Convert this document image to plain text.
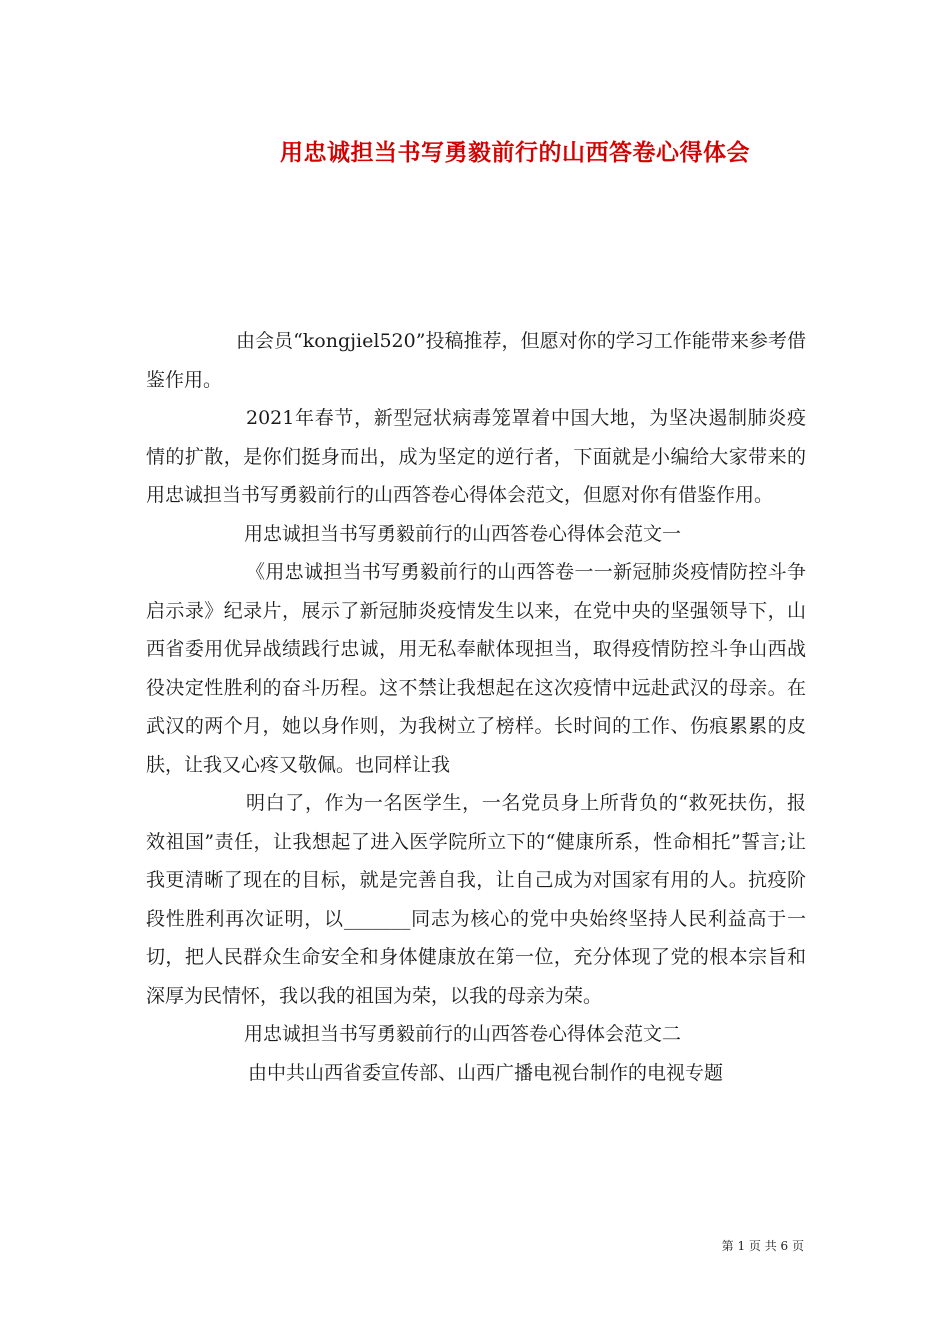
用忠诚担当书写勇毅前行的山西答卷心得体会

由会员“kongjiel520”投稿推荐，但愿对你的学习工作能带来参考借鉴作用。

2021年春节，新型冠状病毒笼罩着中国大地，为坚决遏制肺炎疫情的扩散，是你们挺身而出，成为坚定的逆行者，下面就是小编给大家带来的用忠诚担当书写勇毅前行的山西答卷心得体会范文，但愿对你有借鉴作用。

用忠诚担当书写勇毅前行的山西答卷心得体会范文一

《用忠诚担当书写勇毅前行的山西答卷一一新冠肺炎疫情防控斗争启示录》纪录片，展示了新冠肺炎疫情发生以来，在党中央的坚强领导下，山西省委用优异战绩践行忠诚，用无私奉献体现担当，取得疫情防控斗争山西战役决定性胜利的奋斗历程。这不禁让我想起在这次疫情中远赴武汉的母亲。在武汉的两个月，她以身作则，为我树立了榜样。长时间的工作、伤痕累累的皮肤，让我又心疼又敬佩。也同样让我

明白了，作为一名医学生，一名党员身上所背负的“救死扶伤，报效祖国”责任，让我想起了进入医学院所立下的“健康所系，性命相托”誓言;让我更清晰了现在的目标，就是完善自我，让自己成为对国家有用的人。抗疫阶段性胜利再次证明，以_______同志为核心的党中央始终坚持人民利益高于一切，把人民群众生命安全和身体健康放在第一位，充分体现了党的根本宗旨和深厚为民情怀，我以我的祖国为荣，以我的母亲为荣。

用忠诚担当书写勇毅前行的山西答卷心得体会范文二

由中共山西省委宣传部、山西广播电视台制作的电视专题

第 1 页 共 6 页
